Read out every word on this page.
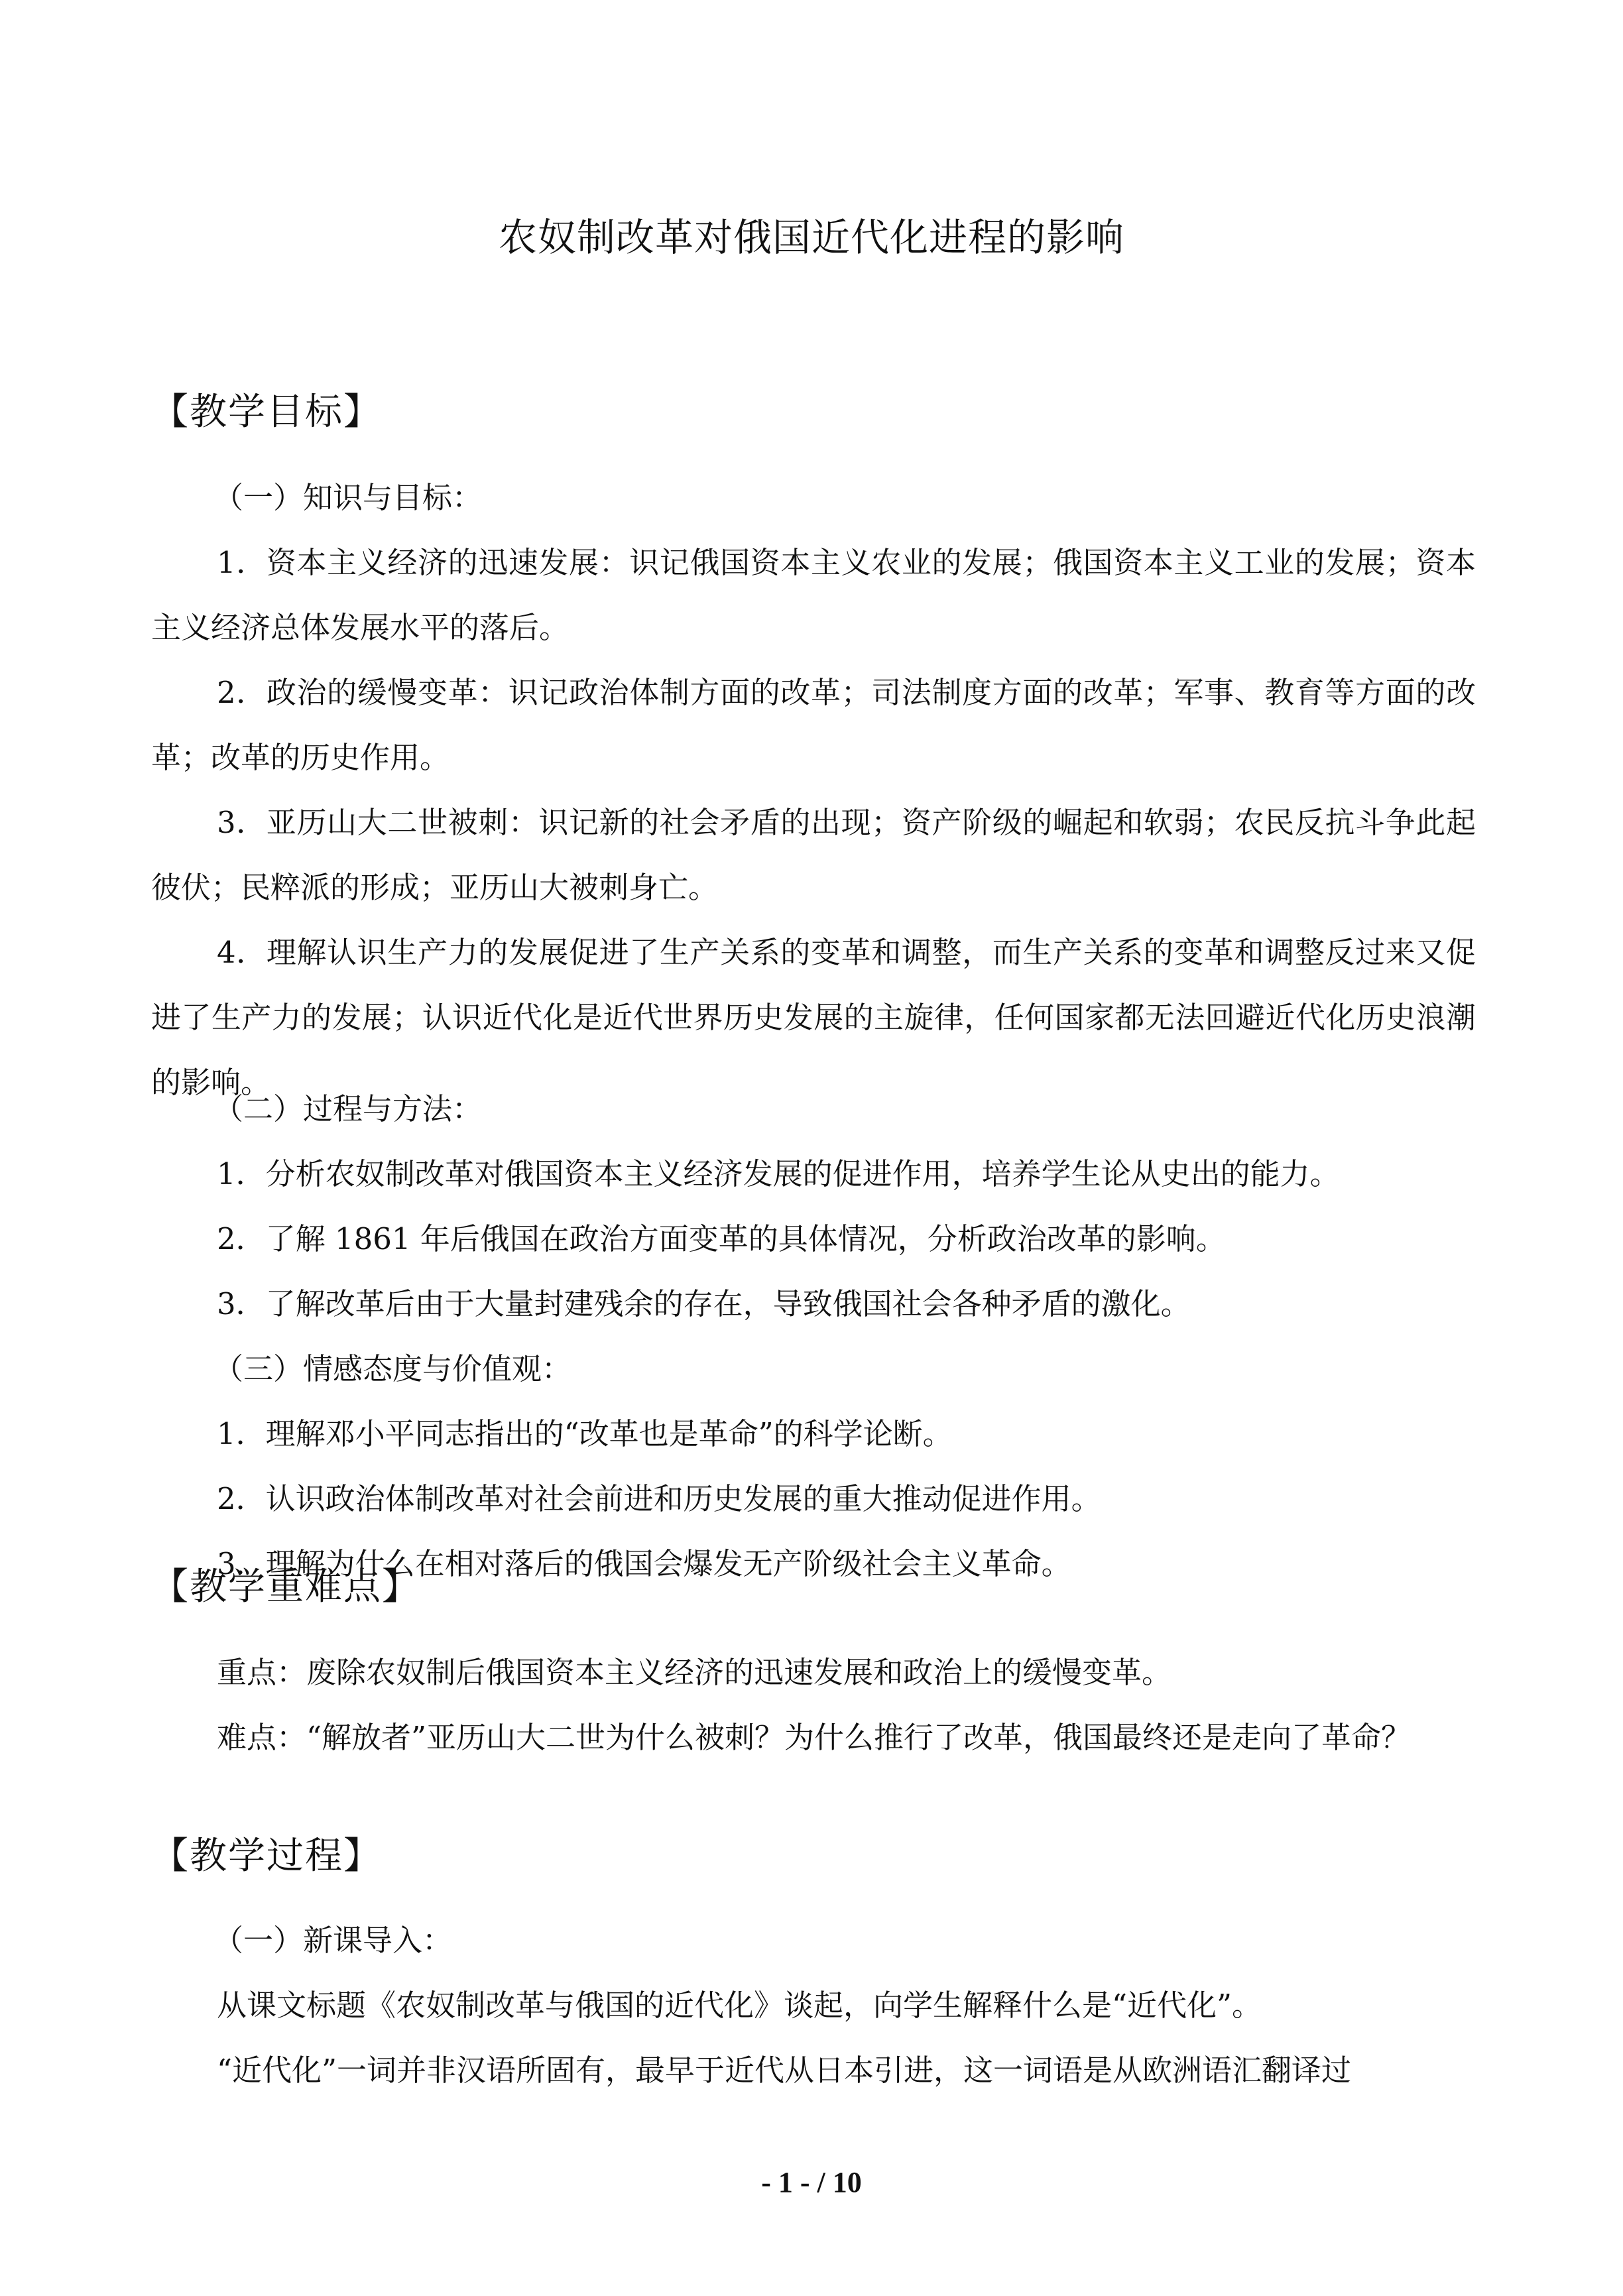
农奴制改革对俄国近代化进程的影响
【教学目标】
（一）知识与目标：

1．资本主义经济的迅速发展：识记俄国资本主义农业的发展；俄国资本主义工业的发展；资本主义经济总体发展水平的落后。

2．政治的缓慢变革：识记政治体制方面的改革；司法制度方面的改革；军事、教育等方面的改革；改革的历史作用。

3．亚历山大二世被刺：识记新的社会矛盾的出现；资产阶级的崛起和软弱；农民反抗斗争此起彼伏；民粹派的形成；亚历山大被刺身亡。

4．理解认识生产力的发展促进了生产关系的变革和调整，而生产关系的变革和调整反过来又促进了生产力的发展；认识近代化是近代世界历史发展的主旋律，任何国家都无法回避近代化历史浪潮的影响。

（二）过程与方法：

1．分析农奴制改革对俄国资本主义经济发展的促进作用，培养学生论从史出的能力。

2．了解 1861 年后俄国在政治方面变革的具体情况，分析政治改革的影响。

3．了解改革后由于大量封建残余的存在，导致俄国社会各种矛盾的激化。

（三）情感态度与价值观：

1．理解邓小平同志指出的“改革也是革命”的科学论断。

2．认识政治体制改革对社会前进和历史发展的重大推动促进作用。

3．理解为什么在相对落后的俄国会爆发无产阶级社会主义革命。

【教学重难点】

重点：废除农奴制后俄国资本主义经济的迅速发展和政治上的缓慢变革。

难点：“解放者”亚历山大二世为什么被刺？为什么推行了改革，俄国最终还是走向了革命？

【教学过程】
（一）新课导入：

从课文标题《农奴制改革与俄国的近代化》谈起，向学生解释什么是“近代化”。

“近代化”一词并非汉语所固有，最早于近代从日本引进，这一词语是从欧洲语汇翻译过

- 1 - / 10
